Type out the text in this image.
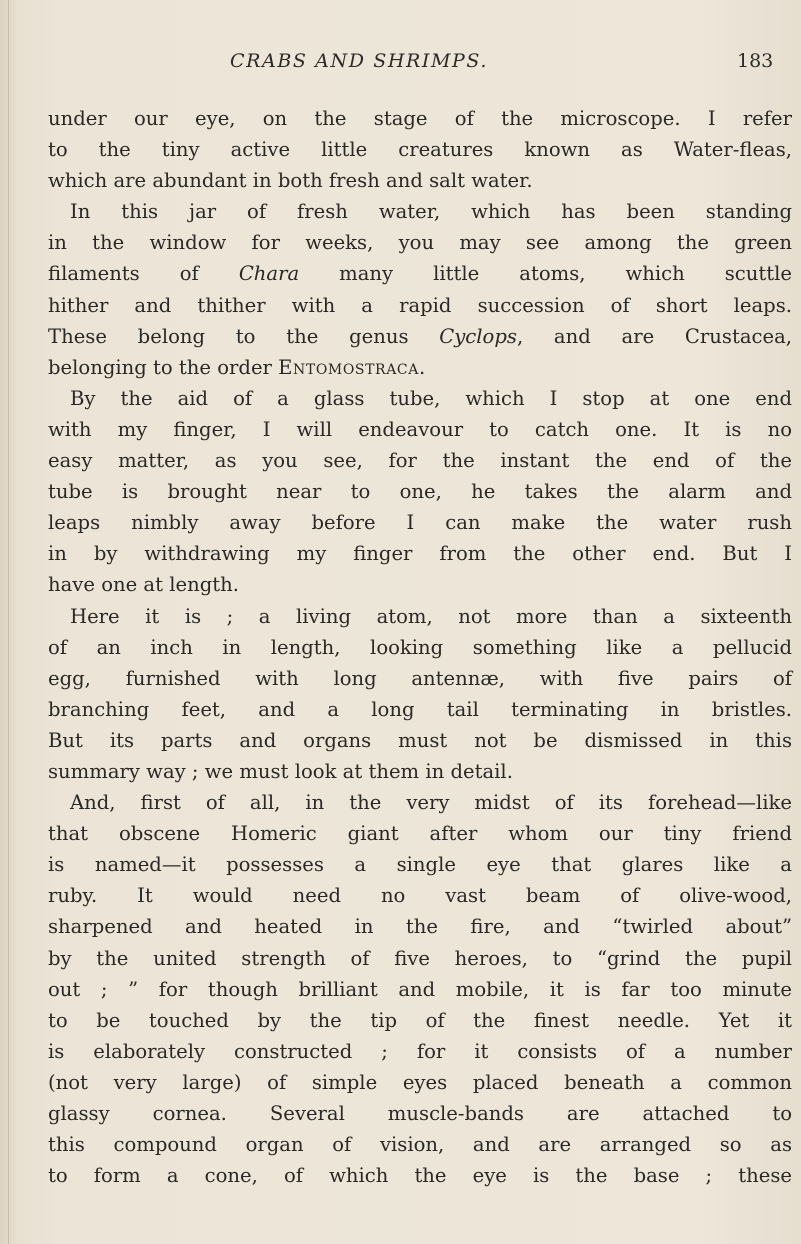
CRABS AND SHRIMPS.	183
under our eye, on the stage of the microscope. I refer
to the tiny active little creatures known as Water-fleas,
which are abundant in both fresh and salt water.
In this jar of fresh water, which has been standing
in the window for weeks, you may see among the green
filaments of Chara many little atoms, which scuttle
hither and thither with a rapid succession of short leaps.
These belong to the genus Cyclops, and are Crustacea,
belonging to the order Entomostraca.
By the aid of a glass tube, which I stop at one end
with my finger, I will endeavour to catch one. It is no
easy matter, as you see, for the instant the end of the
tube is brought near to one, he takes the alarm and
leaps nimbly away before I can make the water rush
in by withdrawing my finger from the other end. But I
have one at length.
Here it is ; a living atom, not more than a sixteenth
of an inch in length, looking something like a pellucid
egg, furnished with long antennæ, with five pairs of
branching feet, and a long tail terminating in bristles.
But its parts and organs must not be dismissed in this
summary way ; we must look at them in detail.
And, first of all, in the very midst of its forehead—like
that obscene Homeric giant after whom our tiny friend
is named—it possesses a single eye that glares like a
ruby. It would need no vast beam of olive-wood,
sharpened and heated in the fire, and “twirled about”
by the united strength of five heroes, to “grind the pupil
out ; ” for though brilliant and mobile, it is far too minute
to be touched by the tip of the finest needle. Yet it
is elaborately constructed ; for it consists of a number
(not very large) of simple eyes placed beneath a common
glassy cornea. Several muscle-bands are attached to
this compound organ of vision, and are arranged so as
to form a cone, of which the eye is the base ; these
